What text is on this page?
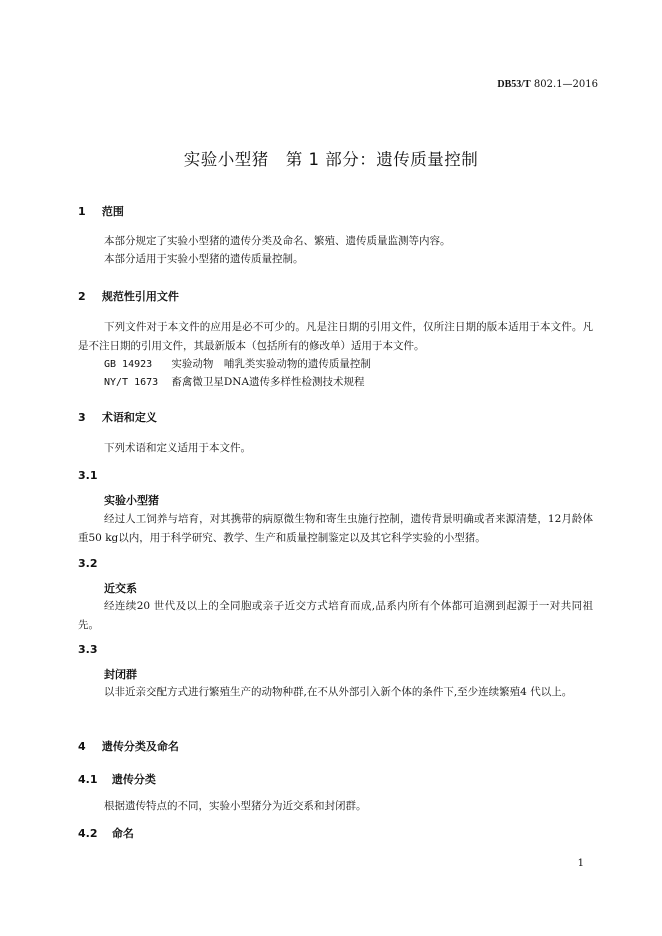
DB53/T 802.1—2016
实验小型猪　第 1 部分：遗传质量控制
1 范围
本部分规定了实验小型猪的遗传分类及命名、繁殖、遗传质量监测等内容。
本部分适用于实验小型猪的遗传质量控制。
2 规范性引用文件
下列文件对于本文件的应用是必不可少的。凡是注日期的引用文件，仅所注日期的版本适用于本文件。凡是不注日期的引用文件，其最新版本（包括所有的修改单）适用于本文件。
GB 14923 实验动物　哺乳类实验动物的遗传质量控制
NY/T 1673 畜禽微卫星DNA遗传多样性检测技术规程
3 术语和定义
下列术语和定义适用于本文件。
3.1
实验小型猪
经过人工饲养与培育，对其携带的病原微生物和寄生虫施行控制，遗传背景明确或者来源清楚，12月龄体重50 kg以内，用于科学研究、教学、生产和质量控制鉴定以及其它科学实验的小型猪。
3.2
近交系
经连续20 世代及以上的全同胞或亲子近交方式培育而成,品系内所有个体都可追溯到起源于一对共同祖先。
3.3
封闭群
以非近亲交配方式进行繁殖生产的动物种群,在不从外部引入新个体的条件下,至少连续繁殖4 代以上。
4 遗传分类及命名
4.1 遗传分类
根据遗传特点的不同，实验小型猪分为近交系和封闭群。
4.2 命名
1
